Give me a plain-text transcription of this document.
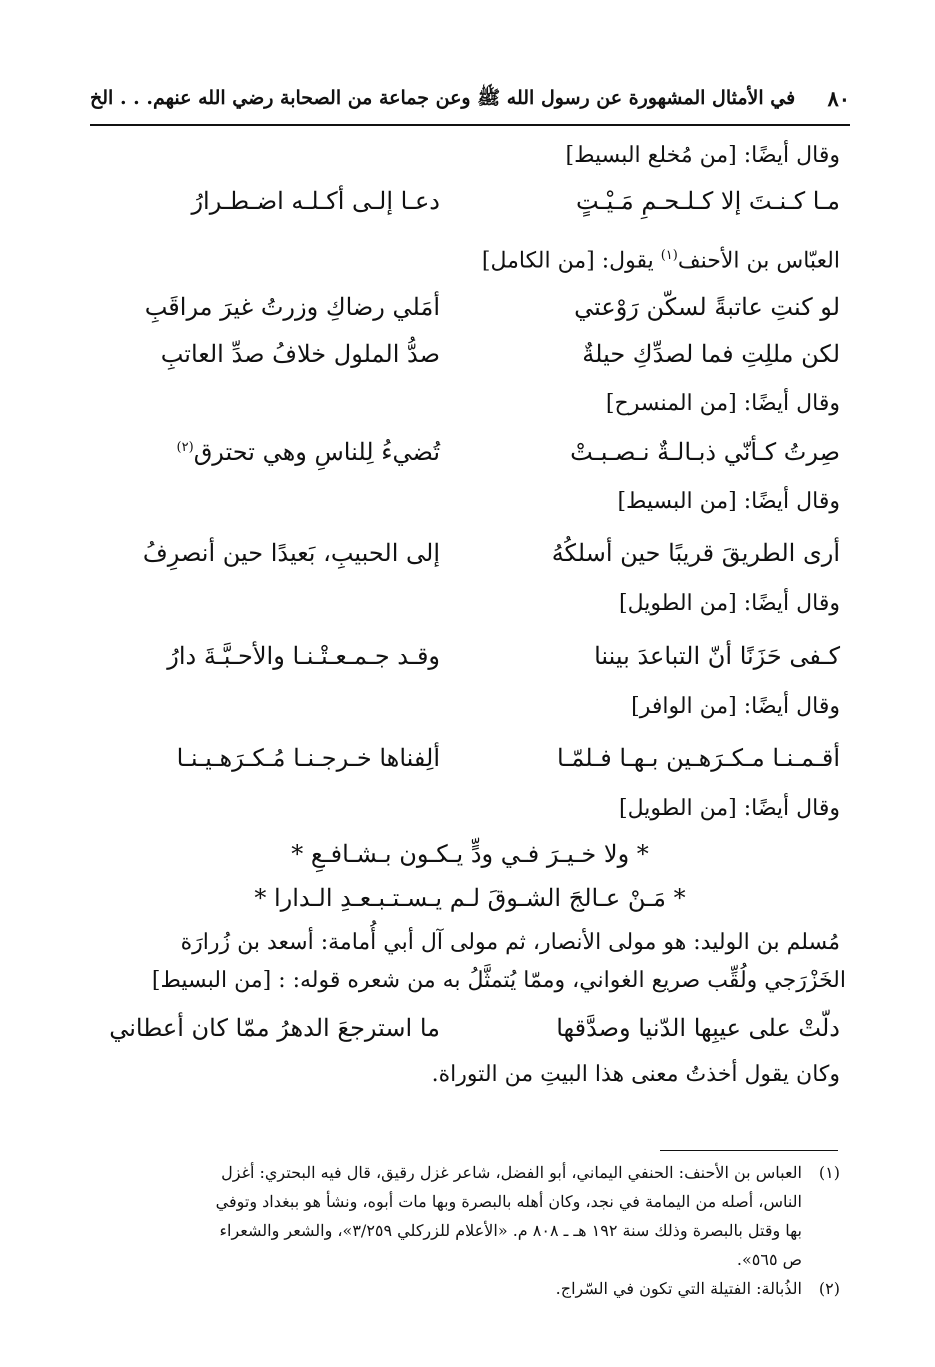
٨٠
في الأمثال المشهورة عن رسول الله ﷺ وعن جماعة من الصحابة رضي الله عنهم. . . الخ
وقال أيضًا: [من مُخلع البسيط]
مـا كـنـتَ إلا كـلـحـمِ مَـيْـتٍ
دعـا إلـى أكـلـه اضـطـرارُ
العبّاس بن الأحنف$^{(١)}$ يقول: [من الكامل]
لو كنتِ عاتبةً لسكّن رَوْعتي
أمَلي رضاكِ وزرتُ غيرَ مراقَبِ
لكن مللِتِ فما لصدِّكِ حيلةٌ
صدُّ الملول خلافُ صدِّ العاتبِ
وقال أيضًا: [من المنسرح]
صِرتُ كـأنّي ذبـالـةٌ نـصـبـتْ
تُضيءُ لِلناسِ وهي تحترق$^{(٢)}$
وقال أيضًا: [من البسيط]
أرى الطريقَ قريبًا حين أسلكُهُ
إلى الحبيبِ، بَعيدًا حين أنصرِفُ
وقال أيضًا: [من الطويل]
كـفى حَزَنًا أنّ التباعدَ بيننا
وقـد جـمـعـتْـنـا والأحـبَّـةَ دارُ
وقال أيضًا: [من الوافر]
أقـمـنـا مـكـرَهـين بـهـا فـلمّـا
ألِفناها خـرجـنـا مُـكـرَهـيـنـا
وقال أيضًا: [من الطويل]
* ولا خـيـرَ فـي ودٍّ يـكـون بـشـافـعِ *
* مَـنْ عـالجَ الشـوقَ لـم يـسـتـبـعـدِ الـدارا *
مُسلم بن الوليد: هو مولى الأنصار، ثم مولى آل أبي أُمامة: أسعد بن زُرارَة
الخَزْرَجي ولُقِّب صريع الغواني، وممّا يُتمثَّلُ به من شعره قوله: : [من البسيط]
دلّتْ على عيبِها الدّنيا وصدَّقها
ما استرجعَ الدهرُ ممّا كان أعطاني
وكان يقول أخذتُ معنى هذا البيتِ من التوراة.
(١)
العباس بن الأحنف: الحنفي اليماني، أبو الفضل، شاعر غزل رقيق، قال فيه البحتري: أغزل
الناس، أصله من اليمامة في نجد، وكان أهله بالبصرة وبها مات أبوه، ونشأ هو ببغداد وتوفي
بها وقتل بالبصرة وذلك سنة ١٩٢ هـ ـ ٨٠٨ م. «الأعلام للزركلي ٣/٢٥٩»، والشعر والشعراء
ص ٥٦٥».
(٢)
الذُبالة: الفتيلة التي تكون في السّراج.
